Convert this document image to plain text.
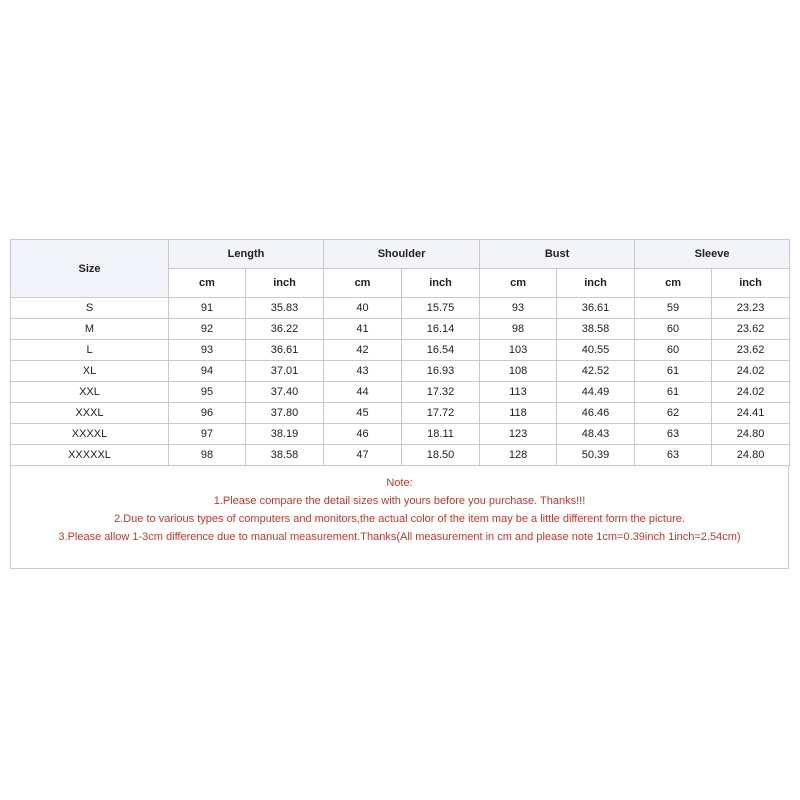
Size	Length		Shoulder		Bust		Sleeve	
	cm	inch	cm	inch	cm	inch	cm	inch
S	91	35.83	40	15.75	93	36.61	59	23.23
M	92	36.22	41	16.14	98	38.58	60	23.62
L	93	36.61	42	16.54	103	40.55	60	23.62
XL	94	37.01	43	16.93	108	42.52	61	24.02
XXL	95	37.40	44	17.32	113	44.49	61	24.02
XXXL	96	37.80	45	17.72	118	46.46	62	24.41
XXXXL	97	38.19	46	18.11	123	48.43	63	24.80
XXXXXL	98	38.58	47	18.50	128	50.39	63	24.80
Note:
1.Please compare the detail sizes with yours before you purchase. Thanks!!!
2.Due to various types of computers and monitors,the actual color of the item may be a little different form the picture.
3.Please allow 1-3cm difference due to manual measurement.Thanks(All measurement in cm and please note 1cm=0.39inch 1inch=2.54cm)
